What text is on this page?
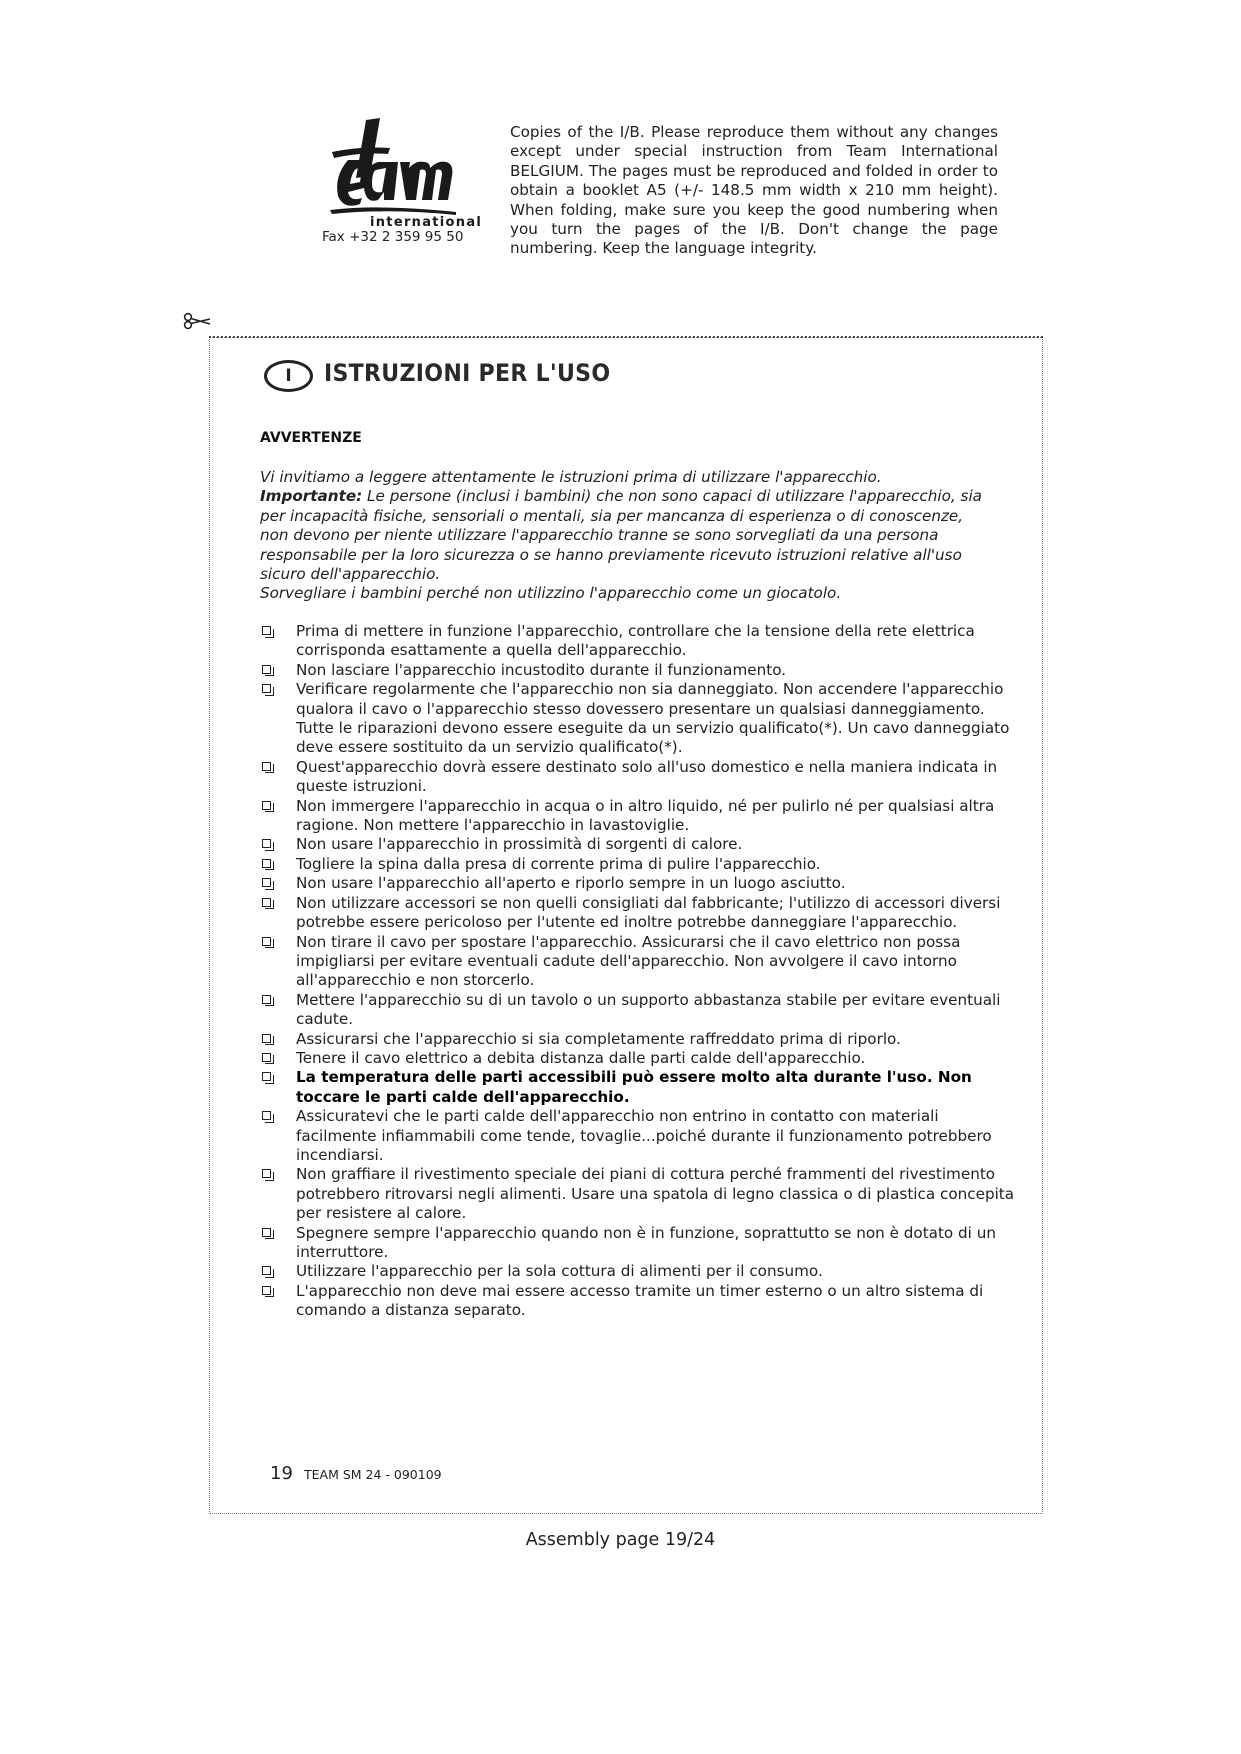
international
Fax +32 2 359 95 50
Copies of the I/B. Please reproduce them without any changes except under special instruction from Team International BELGIUM. The pages must be reproduced and folded in order to obtain a booklet A5 (+/- 148.5 mm width x 210 mm height). When folding, make sure you keep the good numbering when you turn the pages of the I/B. Don't change the page numbering. Keep the language integrity.
I ISTRUZIONI PER L'USO
AVVERTENZE

Vi invitiamo a leggere attentamente le istruzioni prima di utilizzare l'apparecchio.

Importante: Le persone (inclusi i bambini) che non sono capaci di utilizzare l'apparecchio, sia per incapacità fisiche, sensoriali o mentali, sia per mancanza di esperienza o di conoscenze, non devono per niente utilizzare l'apparecchio tranne se sono sorvegliati da una persona responsabile per la loro sicurezza o se hanno previamente ricevuto istruzioni relative all'uso sicuro dell'apparecchio.

Sorvegliare i bambini perché non utilizzino l'apparecchio come un giocatolo.

Prima di mettere in funzione l'apparecchio, controllare che la tensione della rete elettrica corrisponda esattamente a quella dell'apparecchio.
Non lasciare l'apparecchio incustodito durante il funzionamento.
Verificare regolarmente che l'apparecchio non sia danneggiato. Non accendere l'apparecchio qualora il cavo o l'apparecchio stesso dovessero presentare un qualsiasi danneggiamento. Tutte le riparazioni devono essere eseguite da un servizio qualificato(*). Un cavo danneggiato deve essere sostituito da un servizio qualificato(*).
Quest'apparecchio dovrà essere destinato solo all'uso domestico e nella maniera indicata in queste istruzioni.
Non immergere l'apparecchio in acqua o in altro liquido, né per pulirlo né per qualsiasi altra ragione. Non mettere l'apparecchio in lavastoviglie.
Non usare l'apparecchio in prossimità di sorgenti di calore.
Togliere la spina dalla presa di corrente prima di pulire l'apparecchio.
Non usare l'apparecchio all'aperto e riporlo sempre in un luogo asciutto.
Non utilizzare accessori se non quelli consigliati dal fabbricante; l'utilizzo di accessori diversi potrebbe essere pericoloso per l'utente ed inoltre potrebbe danneggiare l'apparecchio.
Non tirare il cavo per spostare l'apparecchio. Assicurarsi che il cavo elettrico non possa impigliarsi per evitare eventuali cadute dell'apparecchio. Non avvolgere il cavo intorno all'apparecchio e non storcerlo.
Mettere l'apparecchio su di un tavolo o un supporto abbastanza stabile per evitare eventuali cadute.
Assicurarsi che l'apparecchio si sia completamente raffreddato prima di riporlo.
Tenere il cavo elettrico a debita distanza dalle parti calde dell'apparecchio.
La temperatura delle parti accessibili può essere molto alta durante l'uso. Non toccare le parti calde dell'apparecchio.
Assicuratevi che le parti calde dell'apparecchio non entrino in contatto con materiali facilmente infiammabili come tende, tovaglie...poiché durante il funzionamento potrebbero incendiarsi.
Non graffiare il rivestimento speciale dei piani di cottura perché frammenti del rivestimento potrebbero ritrovarsi negli alimenti. Usare una spatola di legno classica o di plastica concepita per resistere al calore.
Spegnere sempre l'apparecchio quando non è in funzione, soprattutto se non è dotato di un interruttore.
Utilizzare l'apparecchio per la sola cottura di alimenti per il consumo.
L'apparecchio non deve mai essere accesso tramite un timer esterno o un altro sistema di comando a distanza separato.
19 TEAM SM 24 - 090109
Assembly page 19/24
